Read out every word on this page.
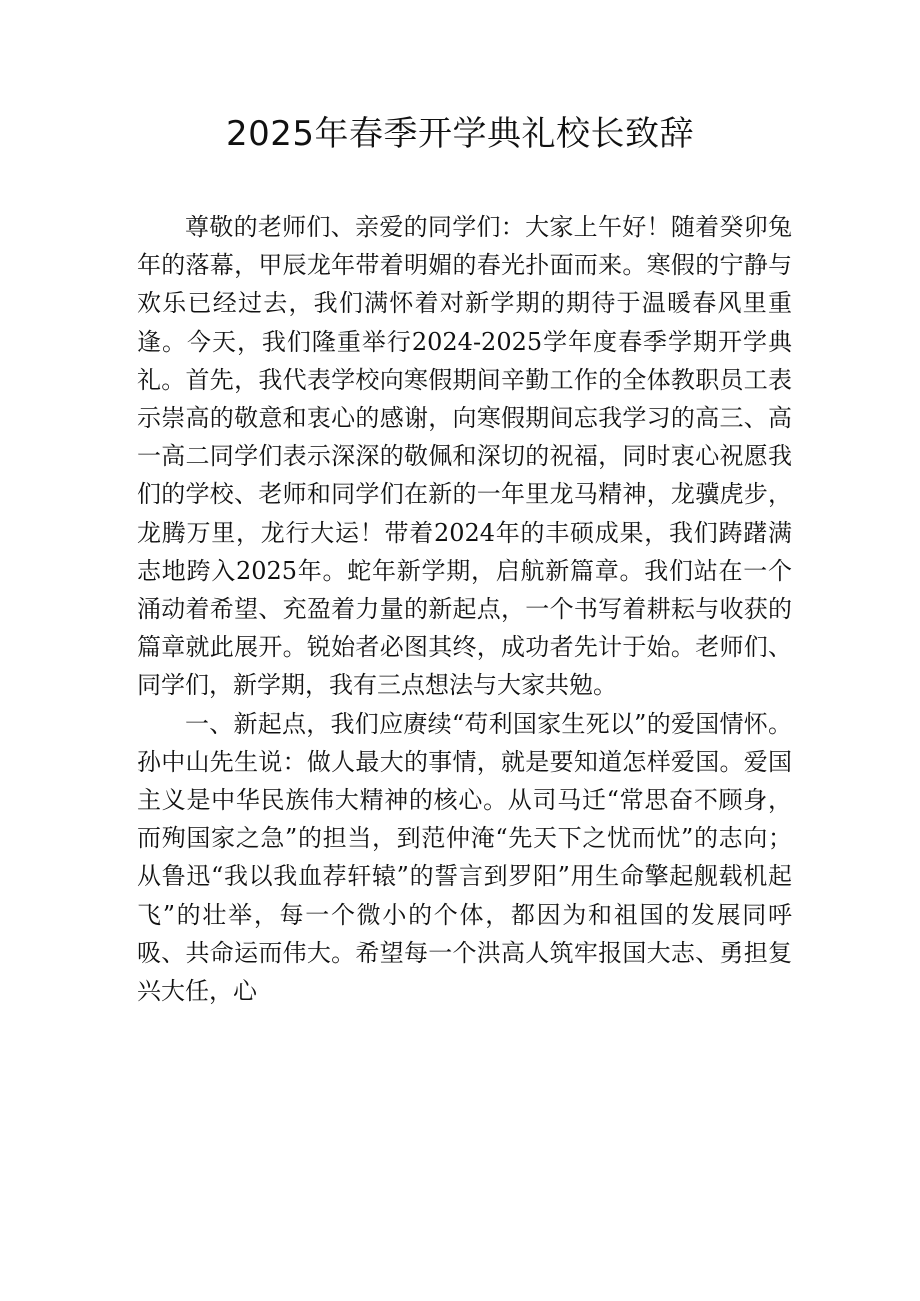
2025年春季开学典礼校长致辞

尊敬的老师们、亲爱的同学们：大家上午好！随着癸卯兔年的落幕，甲辰龙年带着明媚的春光扑面而来。寒假的宁静与欢乐已经过去，我们满怀着对新学期的期待于温暖春风里重逢。今天，我们隆重举行2024-2025学年度春季学期开学典礼。首先，我代表学校向寒假期间辛勤工作的全体教职员工表示崇高的敬意和衷心的感谢，向寒假期间忘我学习的高三、高一高二同学们表示深深的敬佩和深切的祝福，同时衷心祝愿我们的学校、老师和同学们在新的一年里龙马精神，龙骥虎步，龙腾万里，龙行大运！带着2024年的丰硕成果，我们踌躇满志地跨入2025年。蛇年新学期，启航新篇章。我们站在一个涌动着希望、充盈着力量的新起点，一个书写着耕耘与收获的篇章就此展开。锐始者必图其终，成功者先计于始。老师们、同学们，新学期，我有三点想法与大家共勉。

一、新起点，我们应赓续“苟利国家生死以”的爱国情怀。孙中山先生说：做人最大的事情，就是要知道怎样爱国。爱国主义是中华民族伟大精神的核心。从司马迁“常思奋不顾身，而殉国家之急”的担当，到范仲淹“先天下之忧而忧”的志向；从鲁迅“我以我血荐轩辕”的誓言到罗阳”用生命擎起舰载机起飞”的壮举，每一个微小的个体，都因为和祖国的发展同呼吸、共命运而伟大。希望每一个洪高人筑牢报国大志、勇担复兴大任，心
